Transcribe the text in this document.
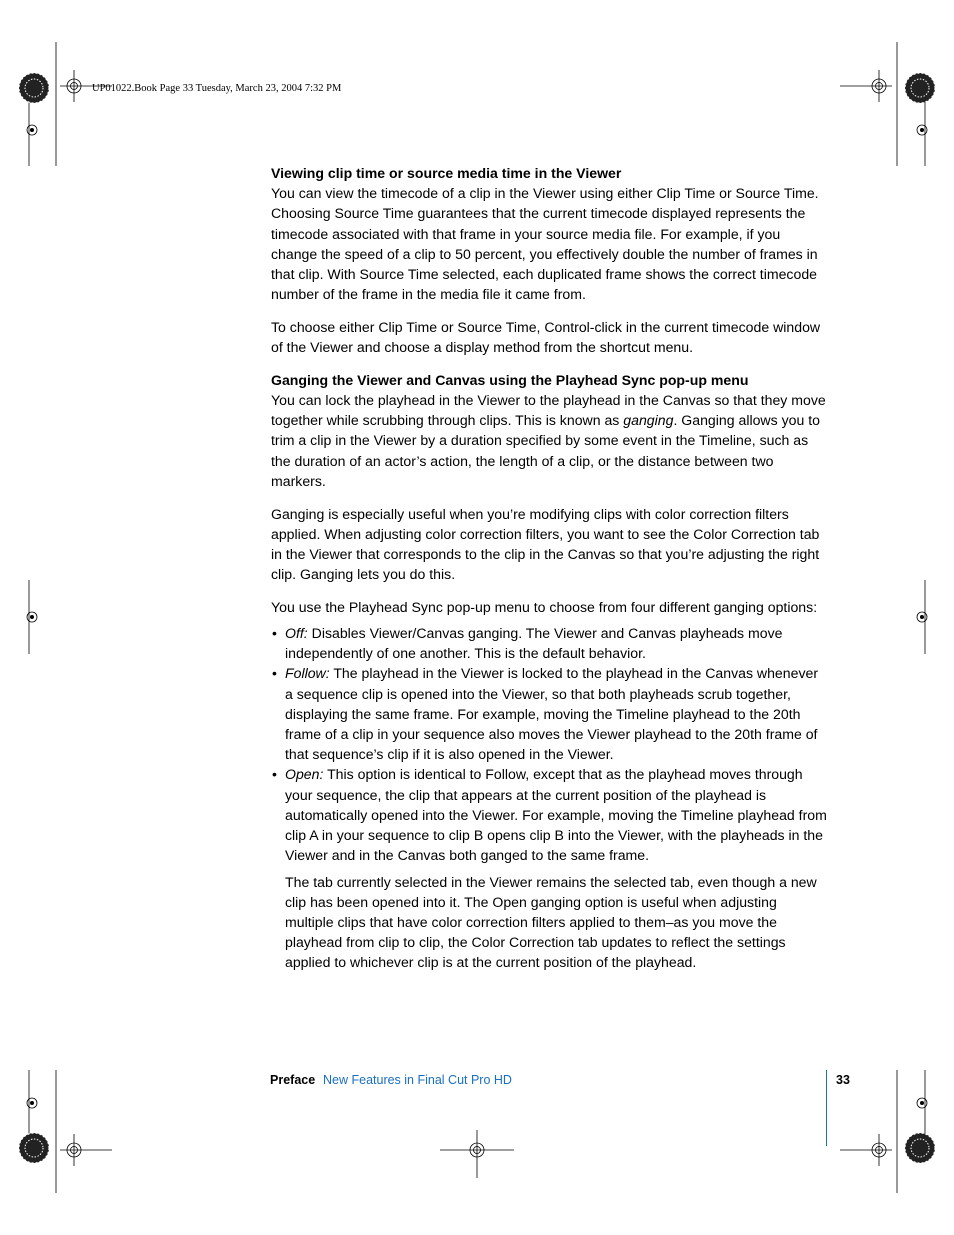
UP01022.Book Page 33 Tuesday, March 23, 2004 7:32 PM
Viewing clip time or source media time in the Viewer

You can view the timecode of a clip in the Viewer using either Clip Time or Source Time. Choosing Source Time guarantees that the current timecode displayed represents the timecode associated with that frame in your source media file. For example, if you change the speed of a clip to 50 percent, you effectively double the number of frames in that clip. With Source Time selected, each duplicated frame shows the correct timecode number of the frame in the media file it came from.

To choose either Clip Time or Source Time, Control-click in the current timecode window of the Viewer and choose a display method from the shortcut menu.

Ganging the Viewer and Canvas using the Playhead Sync pop-up menu

You can lock the playhead in the Viewer to the playhead in the Canvas so that they move together while scrubbing through clips. This is known as ganging. Ganging allows you to trim a clip in the Viewer by a duration specified by some event in the Timeline, such as the duration of an actor’s action, the length of a clip, or the distance between two markers.

Ganging is especially useful when you’re modifying clips with color correction filters applied. When adjusting color correction filters, you want to see the Color Correction tab in the Viewer that corresponds to the clip in the Canvas so that you’re adjusting the right clip. Ganging lets you do this.

You use the Playhead Sync pop-up menu to choose from four different ganging options:

• Off: Disables Viewer/Canvas ganging. The Viewer and Canvas playheads move independently of one another. This is the default behavior.
• Follow: The playhead in the Viewer is locked to the playhead in the Canvas whenever a sequence clip is opened into the Viewer, so that both playheads scrub together, displaying the same frame. For example, moving the Timeline playhead to the 20th frame of a clip in your sequence also moves the Viewer playhead to the 20th frame of that sequence’s clip if it is also opened in the Viewer.
• Open: This option is identical to Follow, except that as the playhead moves through your sequence, the clip that appears at the current position of the playhead is automatically opened into the Viewer. For example, moving the Timeline playhead from clip A in your sequence to clip B opens clip B into the Viewer, with the playheads in the Viewer and in the Canvas both ganged to the same frame.

The tab currently selected in the Viewer remains the selected tab, even though a new clip has been opened into it. The Open ganging option is useful when adjusting multiple clips that have color correction filters applied to them–as you move the playhead from clip to clip, the Color Correction tab updates to reflect the settings applied to whichever clip is at the current position of the playhead.

Preface New Features in Final Cut Pro HD	33
